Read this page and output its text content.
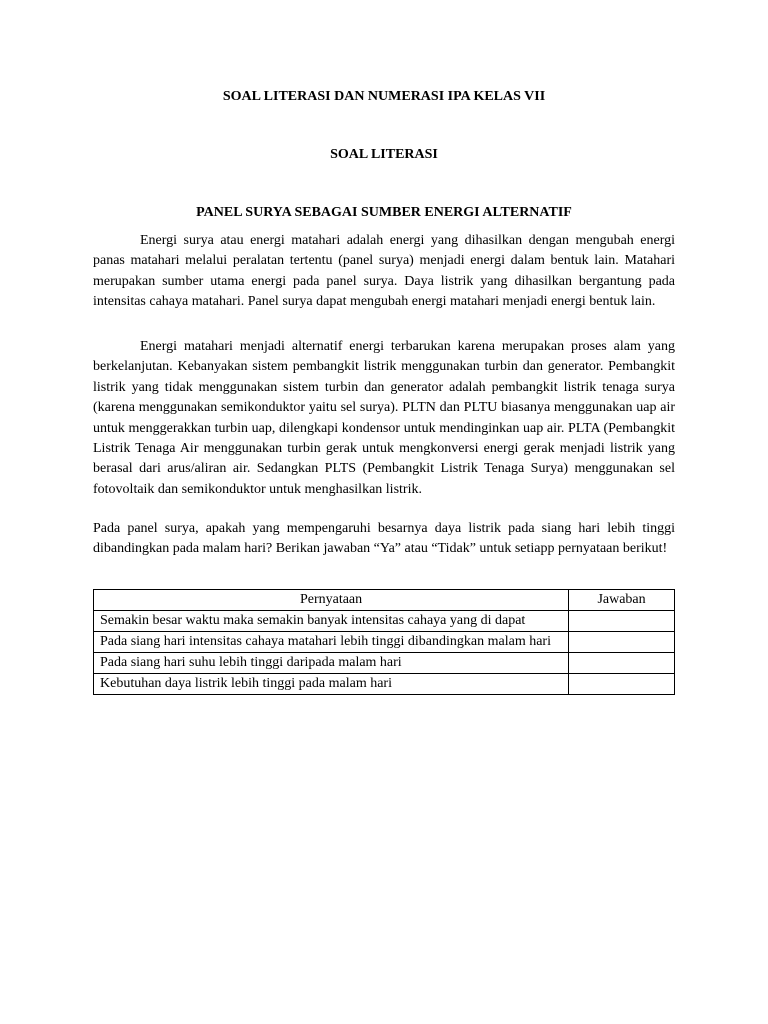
SOAL LITERASI DAN NUMERASI IPA KELAS VII

SOAL LITERASI

PANEL SURYA SEBAGAI SUMBER ENERGI ALTERNATIF

Energi surya atau energi matahari adalah energi yang dihasilkan dengan mengubah energi panas matahari melalui peralatan tertentu (panel surya) menjadi energi dalam bentuk lain. Matahari merupakan sumber utama energi pada panel surya. Daya listrik yang dihasilkan bergantung pada intensitas cahaya matahari. Panel surya dapat mengubah energi matahari menjadi energi bentuk lain.

Energi matahari menjadi alternatif energi terbarukan karena merupakan proses alam yang berkelanjutan. Kebanyakan sistem pembangkit listrik menggunakan turbin dan generator. Pembangkit listrik yang tidak menggunakan sistem turbin dan generator adalah pembangkit listrik tenaga surya (karena menggunakan semikonduktor yaitu sel surya). PLTN dan PLTU biasanya menggunakan uap air untuk menggerakkan turbin uap, dilengkapi kondensor untuk mendinginkan uap air. PLTA (Pembangkit Listrik Tenaga Air menggunakan turbin gerak untuk mengkonversi energi gerak menjadi listrik yang berasal dari arus/aliran air. Sedangkan PLTS (Pembangkit Listrik Tenaga Surya) menggunakan sel fotovoltaik dan semikonduktor untuk menghasilkan listrik.

Pada panel surya, apakah yang mempengaruhi besarnya daya listrik pada siang hari lebih tinggi dibandingkan pada malam hari? Berikan jawaban “Ya” atau “Tidak” untuk setiapp pernyataan berikut!

Pernyataan	Jawaban
Semakin besar waktu maka semakin banyak intensitas cahaya yang di dapat	
Pada siang hari intensitas cahaya matahari lebih tinggi dibandingkan malam hari	
Pada siang hari suhu lebih tinggi daripada malam hari	
Kebutuhan daya listrik lebih tinggi pada malam hari	
